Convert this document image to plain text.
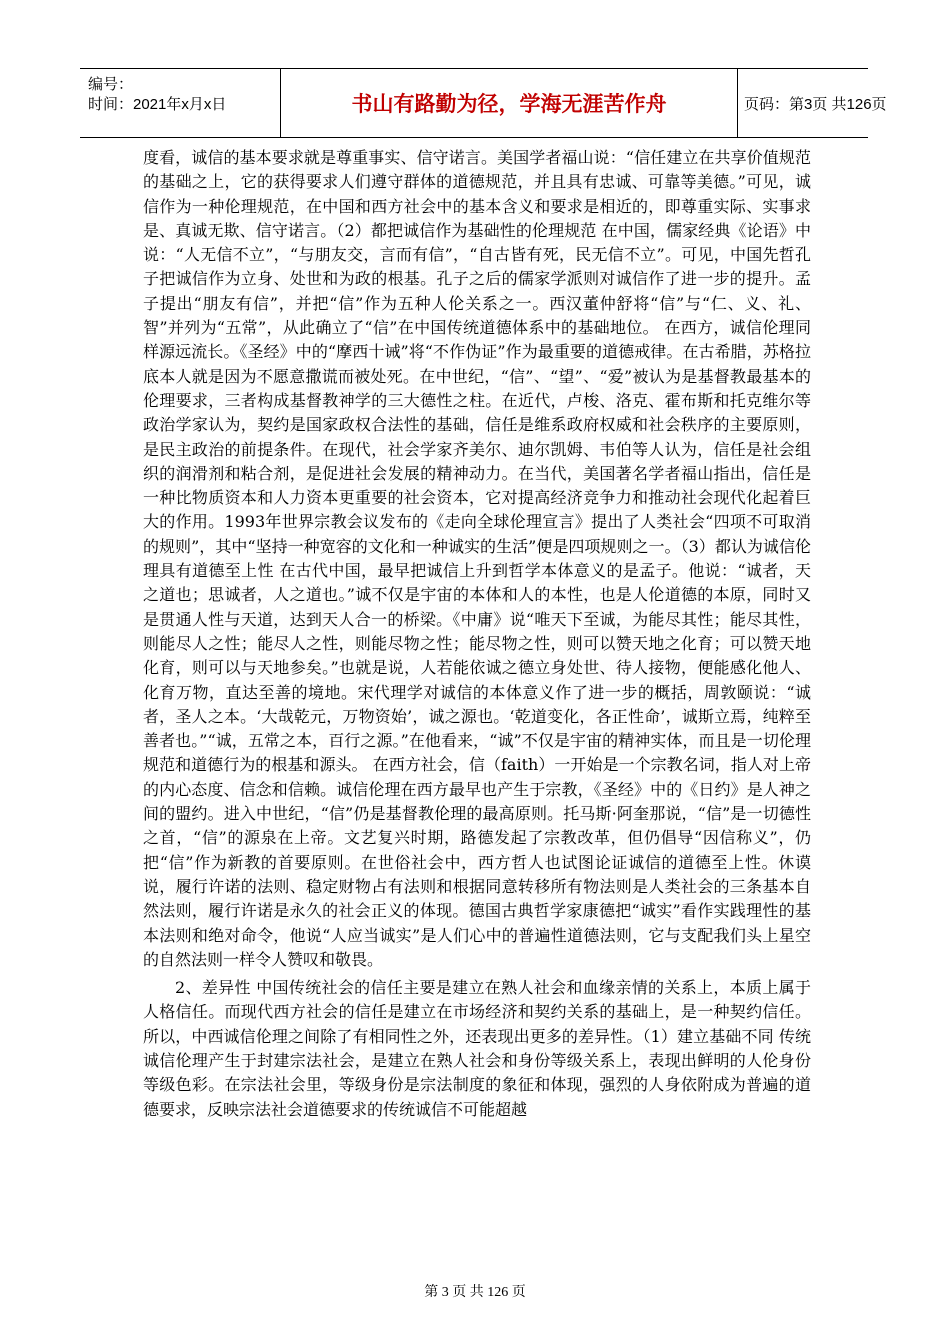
编号：
时间：2021年x月x日	书山有路勤为径，学海无涯苦作舟	页码：第3页 共126页

度看，诚信的基本要求就是尊重事实、信守诺言。美国学者福山说：“信任建立在共享价值规范的基础之上，它的获得要求人们遵守群体的道德规范，并且具有忠诚、可靠等美德。”可见，诚信作为一种伦理规范，在中国和西方社会中的基本含义和要求是相近的，即尊重实际、实事求是、真诚无欺、信守诺言。（2）都把诚信作为基础性的伦理规范 在中国，儒家经典《论语》中说：“人无信不立”，“与朋友交，言而有信”，“自古皆有死，民无信不立”。可见，中国先哲孔子把诚信作为立身、处世和为政的根基。孔子之后的儒家学派则对诚信作了进一步的提升。孟子提出“朋友有信”，并把“信”作为五种人伦关系之一。西汉董仲舒将“信”与“仁、义、礼、智”并列为“五常”，从此确立了“信”在中国传统道德体系中的基础地位。 在西方，诚信伦理同样源远流长。《圣经》中的“摩西十诫”将“不作伪证”作为最重要的道德戒律。在古希腊，苏格拉底本人就是因为不愿意撒谎而被处死。在中世纪，“信”、“望”、“爱”被认为是基督教最基本的伦理要求，三者构成基督教神学的三大德性之柱。在近代，卢梭、洛克、霍布斯和托克维尔等政治学家认为，契约是国家政权合法性的基础，信任是维系政府权威和社会秩序的主要原则，是民主政治的前提条件。在现代，社会学家齐美尔、迪尔凯姆、韦伯等人认为，信任是社会组织的润滑剂和粘合剂，是促进社会发展的精神动力。在当代，美国著名学者福山指出，信任是一种比物质资本和人力资本更重要的社会资本，它对提高经济竞争力和推动社会现代化起着巨大的作用。1993年世界宗教会议发布的《走向全球伦理宣言》提出了人类社会“四项不可取消的规则”，其中“坚持一种宽容的文化和一种诚实的生活”便是四项规则之一。（3）都认为诚信伦理具有道德至上性 在古代中国，最早把诚信上升到哲学本体意义的是孟子。他说：“诚者，天之道也；思诚者，人之道也。”诚不仅是宇宙的本体和人的本性，也是人伦道德的本原，同时又是贯通人性与天道，达到天人合一的桥梁。《中庸》说“唯天下至诚，为能尽其性；能尽其性，则能尽人之性；能尽人之性，则能尽物之性；能尽物之性，则可以赞天地之化育；可以赞天地化育，则可以与天地参矣。”也就是说，人若能依诚之德立身处世、待人接物，便能感化他人、化育万物，直达至善的境地。宋代理学对诚信的本体意义作了进一步的概括，周敦颐说：“诚者，圣人之本。‘大哉乾元，万物资始’，诚之源也。‘乾道变化，各正性命’，诚斯立焉，纯粹至善者也。”“诚，五常之本，百行之源。”在他看来，“诚”不仅是宇宙的精神实体，而且是一切伦理规范和道德行为的根基和源头。 在西方社会，信（faith）一开始是一个宗教名词，指人对上帝的内心态度、信念和信赖。诚信伦理在西方最早也产生于宗教，《圣经》中的《日约》是人神之间的盟约。进入中世纪，“信”仍是基督教伦理的最高原则。托马斯·阿奎那说，“信”是一切德性之首，“信”的源泉在上帝。文艺复兴时期，路德发起了宗教改革，但仍倡导“因信称义”，仍把“信”作为新教的首要原则。在世俗社会中，西方哲人也试图论证诚信的道德至上性。休谟说，履行许诺的法则、稳定财物占有法则和根据同意转移所有物法则是人类社会的三条基本自然法则，履行许诺是永久的社会正义的体现。德国古典哲学家康德把“诚实”看作实践理性的基本法则和绝对命令，他说“人应当诚实”是人们心中的普遍性道德法则，它与支配我们头上星空的自然法则一样令人赞叹和敬畏。

2、差异性 中国传统社会的信任主要是建立在熟人社会和血缘亲情的关系上，本质上属于人格信任。而现代西方社会的信任是建立在市场经济和契约关系的基础上，是一种契约信任。所以，中西诚信伦理之间除了有相同性之外，还表现出更多的差异性。（1）建立基础不同 传统诚信伦理产生于封建宗法社会，是建立在熟人社会和身份等级关系上，表现出鲜明的人伦身份等级色彩。在宗法社会里，等级身份是宗法制度的象征和体现，强烈的人身依附成为普遍的道德要求，反映宗法社会道德要求的传统诚信不可能超越

第 3 页 共 126 页
